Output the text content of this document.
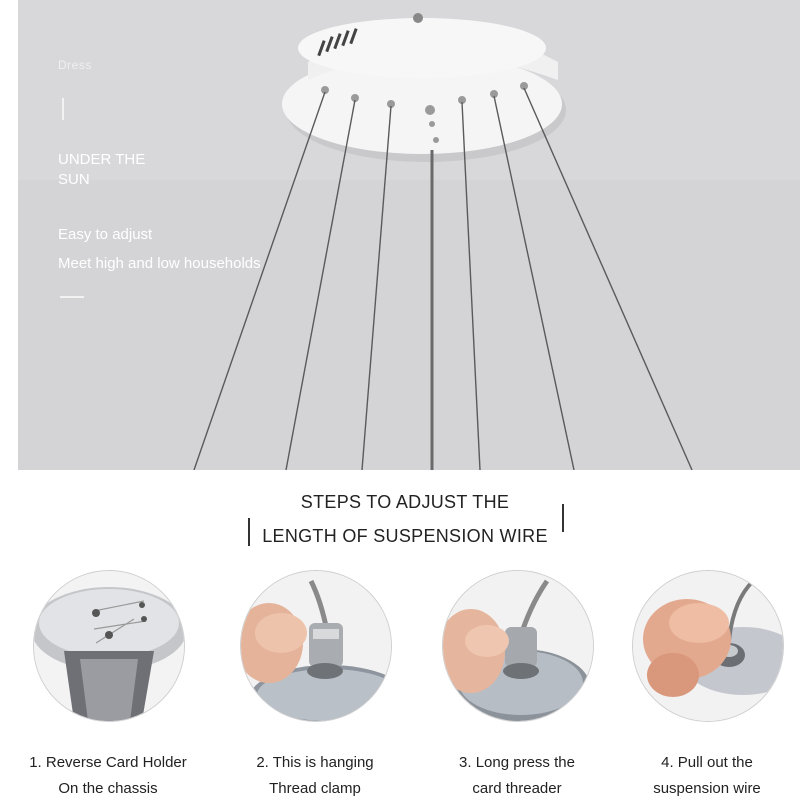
Dress
UNDER THE
SUN
Easy to adjust
Meet high and low households
STEPS TO ADJUST THE
LENGTH OF SUSPENSION WIRE
1. Reverse Card Holder
On the chassis
2. This is hanging
Thread clamp
3. Long press the
card threader
4. Pull out the
suspension wire
